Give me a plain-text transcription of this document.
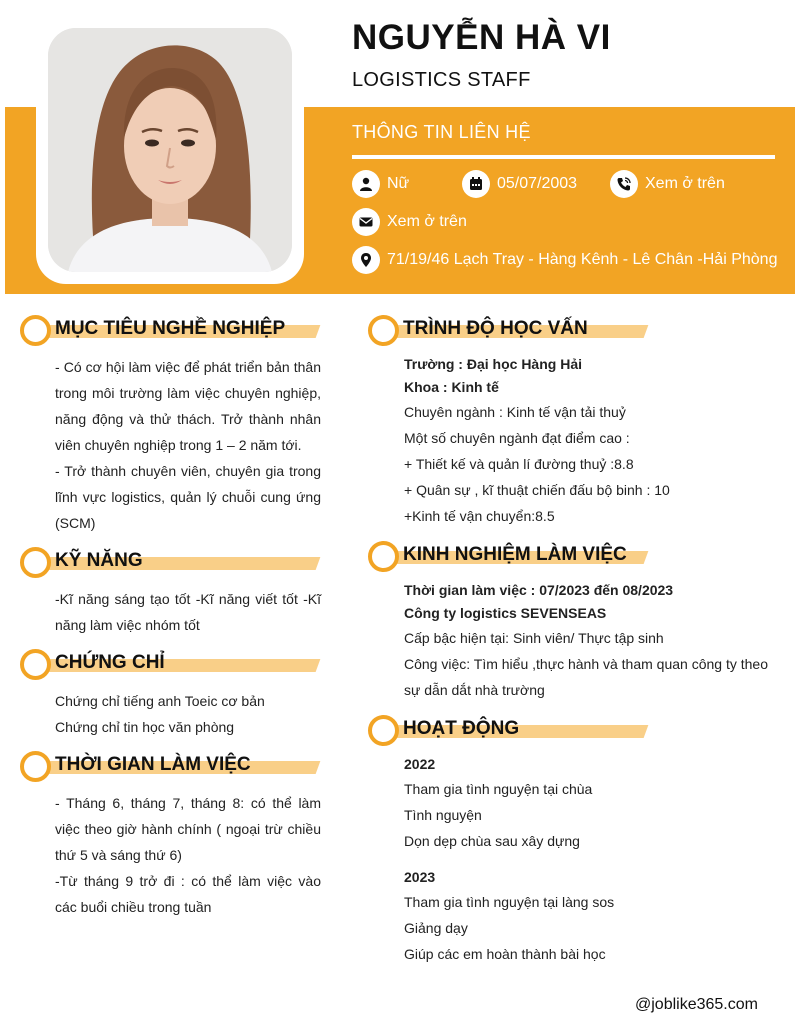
NGUYỄN HÀ VI
LOGISTICS STAFF
THÔNG TIN LIÊN HỆ
Nữ	05/07/2003	Xem ở trên
Xem ở trên
71/19/46 Lạch Tray - Hàng Kênh - Lê Chân -Hải Phòng
MỤC TIÊU NGHỀ NGHIỆP
- Có cơ hội làm việc để phát triển bản thân trong môi trường làm việc chuyên nghiệp, năng động và thử thách. Trở thành nhân viên chuyên nghiệp trong 1 – 2 năm tới.
- Trở thành chuyên viên, chuyên gia trong lĩnh vực logistics, quản lý chuỗi cung ứng (SCM)
KỸ NĂNG
-Kĩ năng sáng tạo tốt -Kĩ năng viết tốt -Kĩ năng làm việc nhóm tốt
CHỨNG CHỈ
Chứng chỉ tiếng anh Toeic cơ bản
Chứng chỉ tin học văn phòng
THỜI GIAN LÀM VIỆC
- Tháng 6, tháng 7, tháng 8: có thể làm việc theo giờ hành chính ( ngoại trừ chiều thứ 5 và sáng thứ 6)
-Từ tháng 9 trở đi : có thể làm việc vào các buổi chiều trong tuần
TRÌNH ĐỘ HỌC VẤN
Trường : Đại học Hàng Hải
Khoa : Kinh tế
Chuyên ngành : Kinh tế vận tải thuỷ
Một số chuyên ngành đạt điểm cao :
+ Thiết kế và quản lí đường thuỷ :8.8
+ Quân sự , kĩ thuật chiến đấu bộ binh : 10
+Kinh tế vận chuyển:8.5
KINH NGHIỆM LÀM VIỆC
Thời gian làm việc : 07/2023 đến 08/2023
Công ty logistics SEVENSEAS
Cấp bậc hiện tại: Sinh viên/ Thực tập sinh
Công việc: Tìm hiểu ,thực hành và tham quan công ty theo sự dẫn dắt nhà trường
HOẠT ĐỘNG
2022
Tham gia tình nguyện tại chùa
Tình nguyện
Dọn dẹp chùa sau xây dựng
2023
Tham gia tình nguyện tại làng sos
Giảng dạy
Giúp các em hoàn thành bài học
@joblike365.com
